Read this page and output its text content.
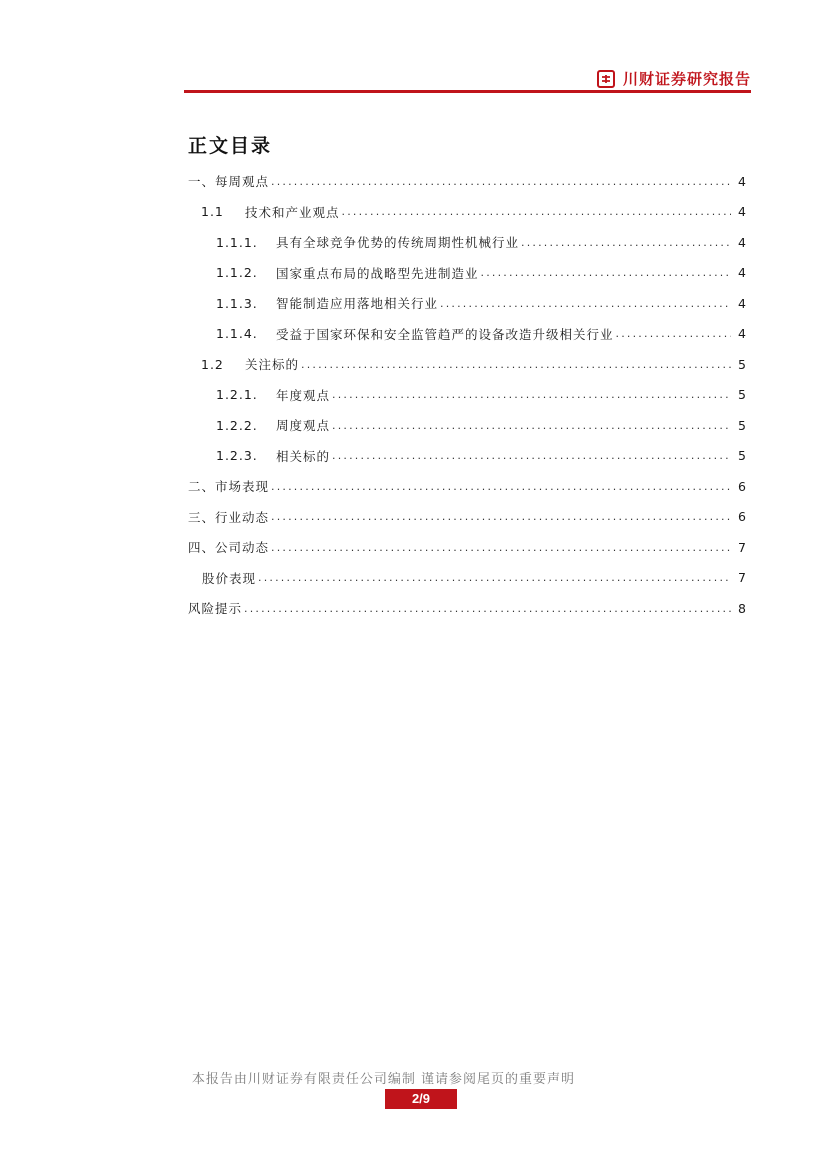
川财证券研究报告
正文目录
一、每周观点 .....	4
1.1	技术和产业观点 .....	4
1.1.1.	具有全球竞争优势的传统周期性机械行业 .....	4
1.1.2.	国家重点布局的战略型先进制造业 .....	4
1.1.3.	智能制造应用落地相关行业 .....	4
1.1.4.	受益于国家环保和安全监管趋严的设备改造升级相关行业 .....	4
1.2	关注标的 .....	5
1.2.1.	年度观点 .....	5
1.2.2.	周度观点 .....	5
1.2.3.	相关标的 .....	5
二、市场表现 .....	6
三、行业动态 .....	6
四、公司动态 .....	7
股价表现 .....	7
风险提示 .....	8
本报告由川财证券有限责任公司编制 谨请参阅尾页的重要声明
2/9
